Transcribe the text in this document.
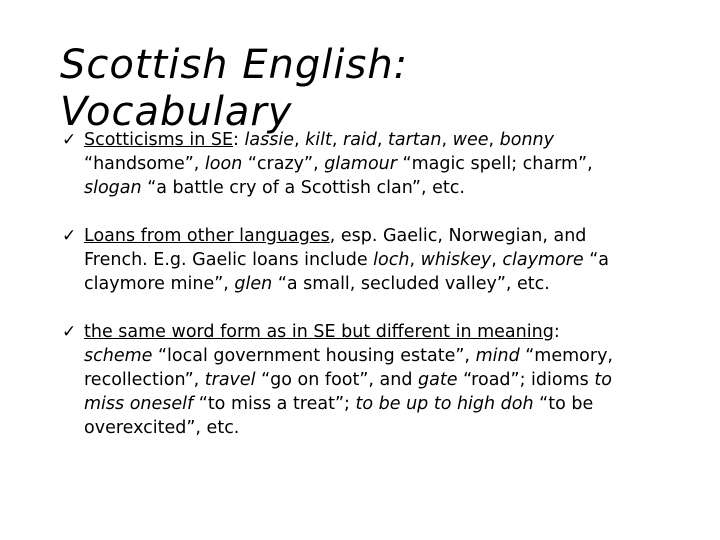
Scottish English:
Vocabulary
✓ Scotticisms in SE: lassie, kilt, raid, tartan, wee, bonny
“handsome”, loon “crazy”, glamour “magic spell; charm”,
slogan “a battle cry of a Scottish clan”, etc.
✓ Loans from other languages, esp. Gaelic, Norwegian, and
French. E.g. Gaelic loans include loch, whiskey, claymore “a
claymore mine”, glen “a small, secluded valley”, etc.
✓ the same word form as in SE but different in meaning:
scheme “local government housing estate”, mind “memory,
recollection”, travel “go on foot”, and gate “road”; idioms to
miss oneself “to miss a treat”; to be up to high doh “to be
overexcited”, etc.
